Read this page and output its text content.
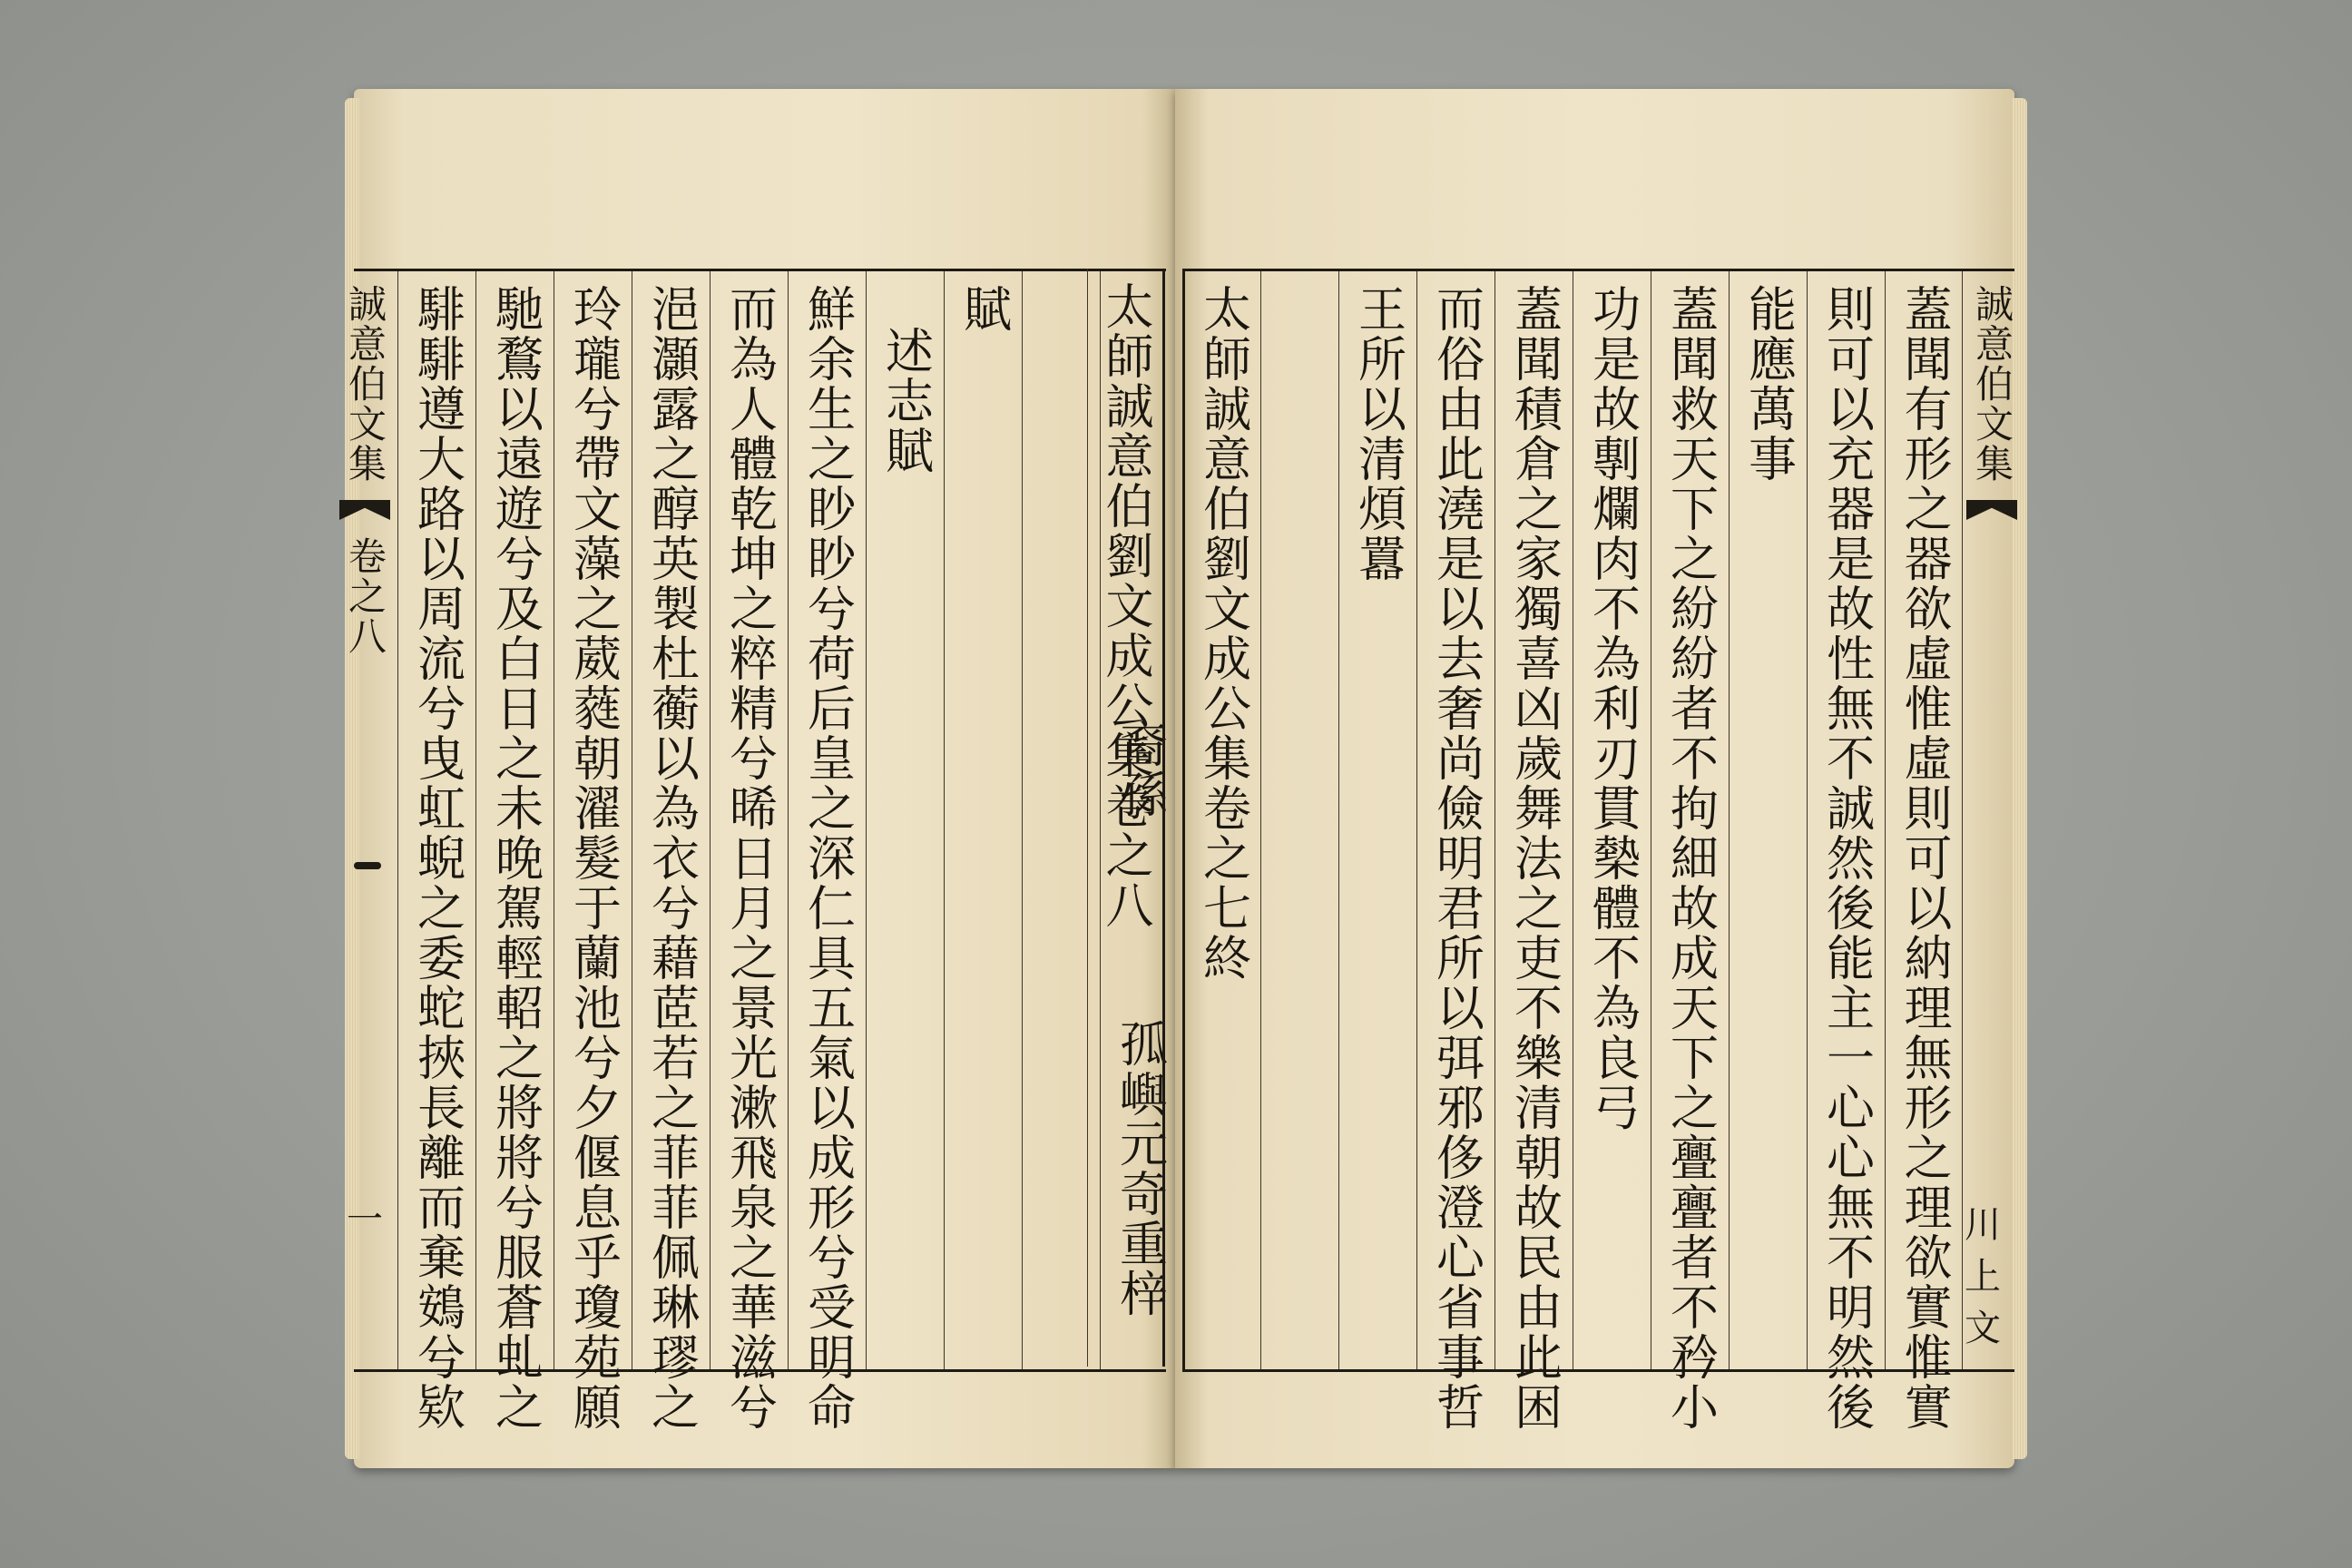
誠意伯文集
卷之八
一 騑騑遵大路以周流兮曳虹蜺之委蛇挾長離而棄鴳兮欵 馳鶩以遠遊兮及白日之未晚駕輕軺之將將兮服蒼虬之 玲瓏兮帶文藻之葳蕤朝濯髮于蘭池兮夕偃息乎瓊苑願 浥灝露之醇英製杜蘅以為衣兮藉茝若之菲菲佩琳璆之 而為人體乾坤之粹精兮晞日月之景光漱飛泉之華滋兮 鮮余生之眇眇兮荷后皇之深仁具五氣以成形兮受明命 述志賦
賦
裔孫　　　　孤嶼元奇重梓
太師誠意伯劉文成公集卷之八 太師誠意伯劉文成公集卷之七終 王所以清煩囂 而俗由此澆是以去奢尚儉明君所以弭邪侈澄心省事哲 蓋聞積倉之家獨喜凶歲舞法之吏不樂清朝故民由此困 功是故剸爛肉不為利刃貫槷體不為良弓 蓋聞救天下之紛紛者不拘細故成天下之亹亹者不矜小 能應萬事 則可以充器是故性無不誠然後能主一心心無不明然後 蓋聞有形之器欲虛惟虛則可以納理無形之理欲實惟實 誠意伯文集
川上文
